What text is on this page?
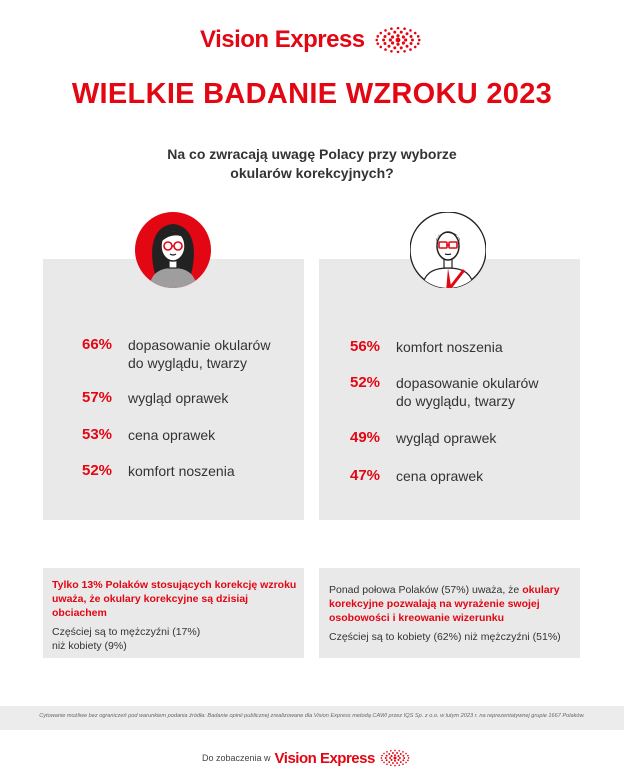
Vision Express
WIELKIE BADANIE WZROKU 2023
Na co zwracają uwagę Polacy przy wyborze
okularów korekcyjnych?
66%	dopasowanie okularów
do wyglądu, twarzy
57%	wygląd oprawek
53%	cena oprawek
52%	komfort noszenia
56%	komfort noszenia
52%	dopasowanie okularów
do wyglądu, twarzy
49%	wygląd oprawek
47%	cena oprawek
Tylko 13% Polaków stosujących korekcję wzroku
uważa, że okulary korekcyjne są dzisiaj obciachem
Częściej są to mężczyźni (17%)
niż kobiety (9%)
Ponad połowa Polaków (57%) uważa, że okulary
korekcyjne pozwalają na wyrażenie swojej
osobowości i kreowanie wizerunku
Częściej są to kobiety (62%) niż mężczyźni (51%)
Cytowanie możliwe bez ograniczeń pod warunkiem podania źródła: Badanie opinii publicznej zrealizowane dla Vision Express metodą CAWI przez IQS Sp. z o.o. w lutym 2023 r. na reprezentatywnej grupie 1667 Polaków.
Do zobaczenia w Vision Express
